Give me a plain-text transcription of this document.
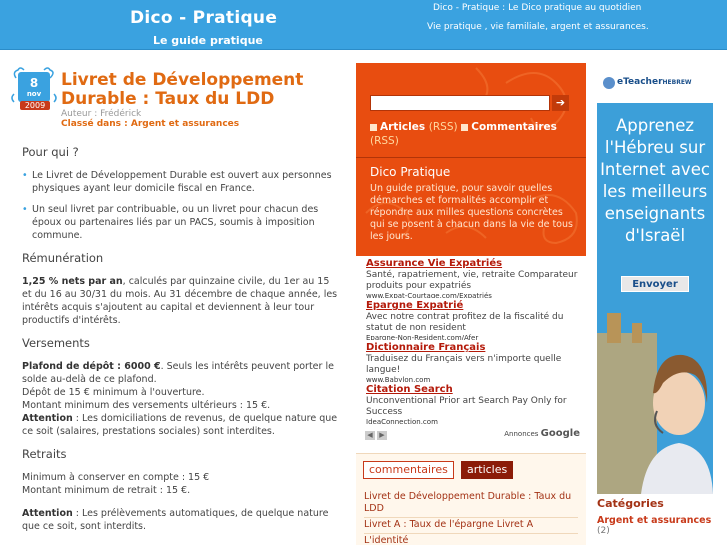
Dico - Pratique
Le guide pratique
Dico - Pratique : Le Dico pratique au quotidien
Vie pratique , vie familiale, argent et assurances.
8
nov
2009
Livret de Développement Durable : Taux du LDD
Auteur : Frédérick
Classé dans : Argent et assurances
Pour qui ?
• Le Livret de Développement Durable est ouvert aux personnes physiques ayant leur domicile fiscal en France.
• Un seul livret par contribuable, ou un livret pour chacun des époux ou partenaires liés par un PACS, soumis à imposition commune.
Rémunération

1,25 % nets par an, calculés par quinzaine civile, du 1er au 15 et du 16 au 30/31 du mois. Au 31 décembre de chaque année, les intérêts acquis s'ajoutent au capital et deviennent à leur tour productifs d'intérêts.

Versements

Plafond de dépôt : 6000 €. Seuls les intérêts peuvent porter le solde au-delà de ce plafond.
Dépôt de 15 € minimum à l'ouverture.
Montant minimum des versements ultérieurs : 15 €.
Attention : Les domiciliations de revenus, de quelque nature que ce soit (salaires, prestations sociales) sont interdites.

Retraits

Minimum à conserver en compte : 15 €
Montant minimum de retrait : 15 €.

Attention : Les prélèvements automatiques, de quelque nature que ce soit, sont interdits.

➔
Articles (RSS) Commentaires
(RSS)
Dico Pratique
Un guide pratique, pour savoir quelles démarches et formalités accomplir et répondre aux milles questions concrètes qui se posent à chacun dans la vie de tous les jours.
Assurance Vie Expatriés
Santé, rapatriement, vie, retraite Comparateur produits pour expatriés
www.Expat-Courtage.com/Expatriés
Epargne Expatrié
Avec notre contrat profitez de la fiscalité du statut de non resident
Epargne-Non-Resident.com/Afer
Dictionnaire Français
Traduisez du Français vers n'importe quelle langue!
www.Babylon.com
Citation Search
Unconventional Prior art Search Pay Only for Success
IdeaConnection.com
◀ ▶	Annonces Google
commentaires	articles
Livret de Développement Durable : Taux du LDD
Livret A : Taux de l'épargne Livret A
L'identité
eTeacherHEBREW
Apprenez l'Hébreu sur Internet avec les meilleurs enseignants d'Israël
Envoyer
Catégories
Argent et assurances
(2)
